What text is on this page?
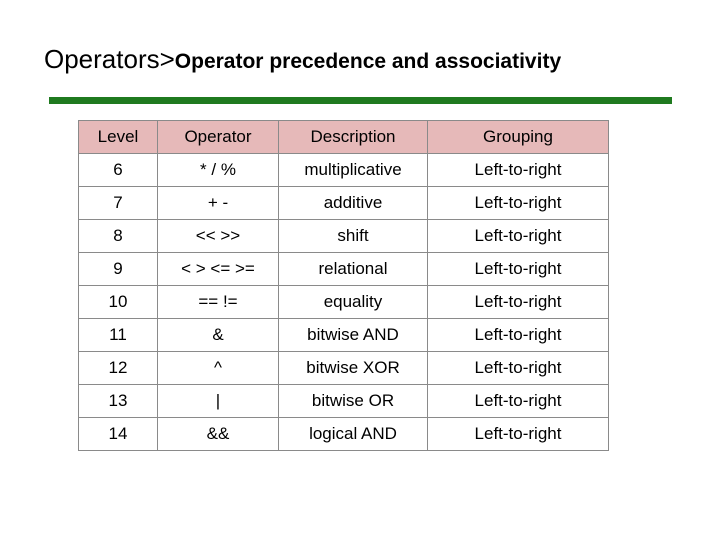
Operators>Operator precedence and associativity
Level	Operator	Description	Grouping
6	* / %	multiplicative	Left-to-right
7	+ -	additive	Left-to-right
8	<< >>	shift	Left-to-right
9	< > <= >=	relational	Left-to-right
10	== !=	equality	Left-to-right
11	&	bitwise AND	Left-to-right
12	^	bitwise XOR	Left-to-right
13	|	bitwise OR	Left-to-right
14	&&	logical AND	Left-to-right
